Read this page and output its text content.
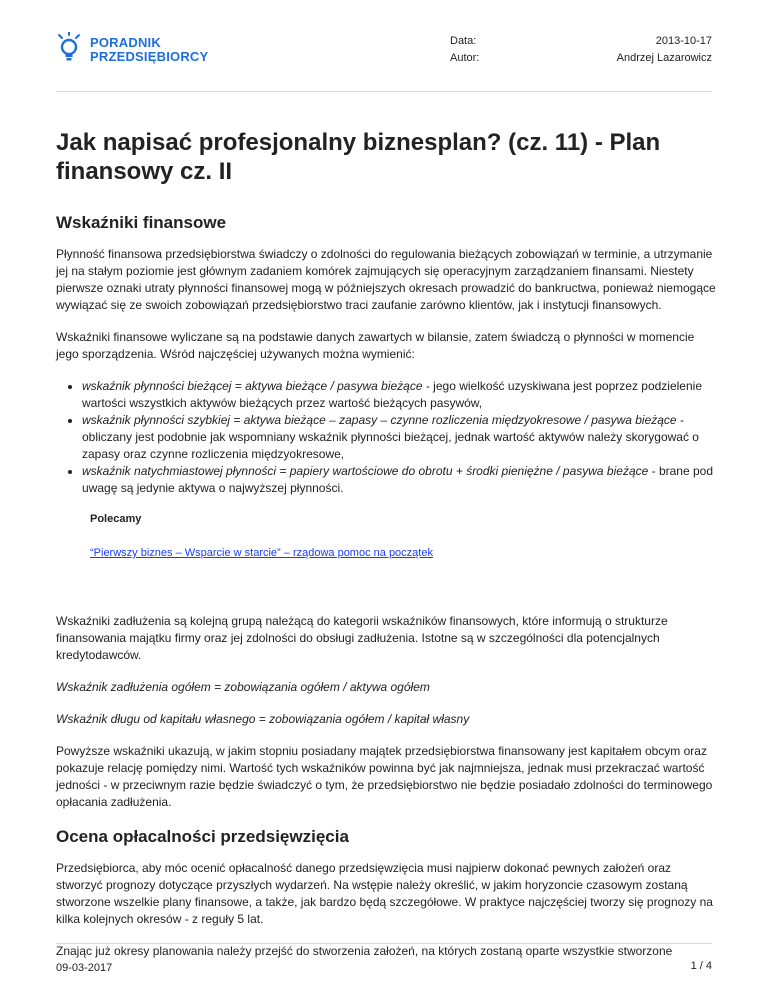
PORADNIK
PRZEDSIĘBIORCY
Data:
Autor:
2013-10-17
Andrzej Lazarowicz
Jak napisać profesjonalny biznesplan? (cz. 11) - Plan finansowy cz. II
Wskaźniki finansowe

Płynność finansowa przedsiębiorstwa świadczy o zdolności do regulowania bieżących zobowiązań w terminie, a utrzymanie jej na stałym poziomie jest głównym zadaniem komórek zajmujących się operacyjnym zarządzaniem finansami. Niestety pierwsze oznaki utraty płynności finansowej mogą w późniejszych okresach prowadzić do bankructwa, ponieważ niemogące wywiązać się ze swoich zobowiązań przedsiębiorstwo traci zaufanie zarówno klientów, jak i instytucji finansowych.

Wskaźniki finansowe wyliczane są na podstawie danych zawartych w bilansie, zatem świadczą o płynności w momencie jego sporządzenia. Wśród najczęściej używanych można wymienić:

• wskaźnik płynności bieżącej = aktywa bieżące / pasywa bieżące - jego wielkość uzyskiwana jest poprzez podzielenie wartości wszystkich aktywów bieżących przez wartość bieżących pasywów,
• wskaźnik płynności szybkiej = aktywa bieżące – zapasy – czynne rozliczenia międzyokresowe / pasywa bieżące - obliczany jest podobnie jak wspomniany wskaźnik płynności bieżącej, jednak wartość aktywów należy skorygować o zapasy oraz czynne rozliczenia międzyokresowe,
• wskaźnik natychmiastowej płynności = papiery wartościowe do obrotu + środki pieniężne / pasywa bieżące - brane pod uwagę są jedynie aktywa o najwyższej płynności.
Polecamy
“Pierwszy biznes – Wsparcie w starcie” – rządowa pomoc na początek

Wskaźniki zadłużenia są kolejną grupą należącą do kategorii wskaźników finansowych, które informują o strukturze finansowania majątku firmy oraz jej zdolności do obsługi zadłużenia. Istotne są w szczególności dla potencjalnych kredytodawców.

Wskaźnik zadłużenia ogółem = zobowiązania ogółem / aktywa ogółem

Wskaźnik długu od kapitału własnego = zobowiązania ogółem / kapitał własny

Powyższe wskaźniki ukazują, w jakim stopniu posiadany majątek przedsiębiorstwa finansowany jest kapitałem obcym oraz pokazuje relację pomiędzy nimi. Wartość tych wskaźników powinna być jak najmniejsza, jednak musi przekraczać wartość jedności - w przeciwnym razie będzie świadczyć o tym, że przedsiębiorstwo nie będzie posiadało zdolności do terminowego opłacania zadłużenia.

Ocena opłacalności przedsięwzięcia

Przedsiębiorca, aby móc ocenić opłacalność danego przedsięwzięcia musi najpierw dokonać pewnych założeń oraz stworzyć prognozy dotyczące przyszłych wydarzeń. Na wstępie należy określić, w jakim horyzoncie czasowym zostaną stworzone wszelkie plany finansowe, a także, jak bardzo będą szczegółowe. W praktyce najczęściej tworzy się prognozy na kilka kolejnych okresów - z reguły 5 lat.

Znając już okresy planowania należy przejść do stworzenia założeń, na których zostaną oparte wszystkie stworzone

09-03-2017	1 / 4
